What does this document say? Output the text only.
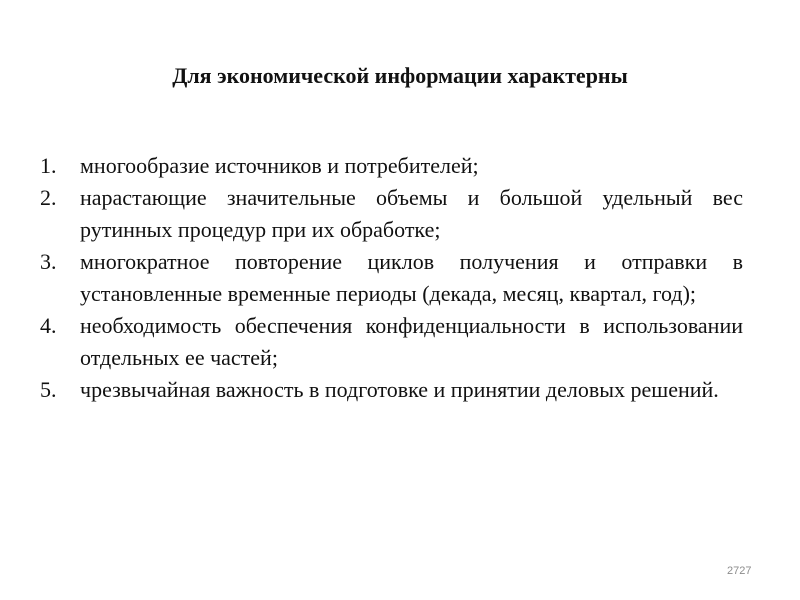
Для экономической информации характерны
1.	многообразие источников и потребителей;
2.	нарастающие значительные объемы и большой удельный вес рутинных процедур при их обработке;
3.	многократное повторение циклов получения и отправки в установленные временные периоды (декада, месяц, квартал, год);
4.	необходимость обеспечения конфиденциальности в использовании отдельных ее частей;
5.	чрезвычайная важность в подготовке и принятии деловых решений.
2727
